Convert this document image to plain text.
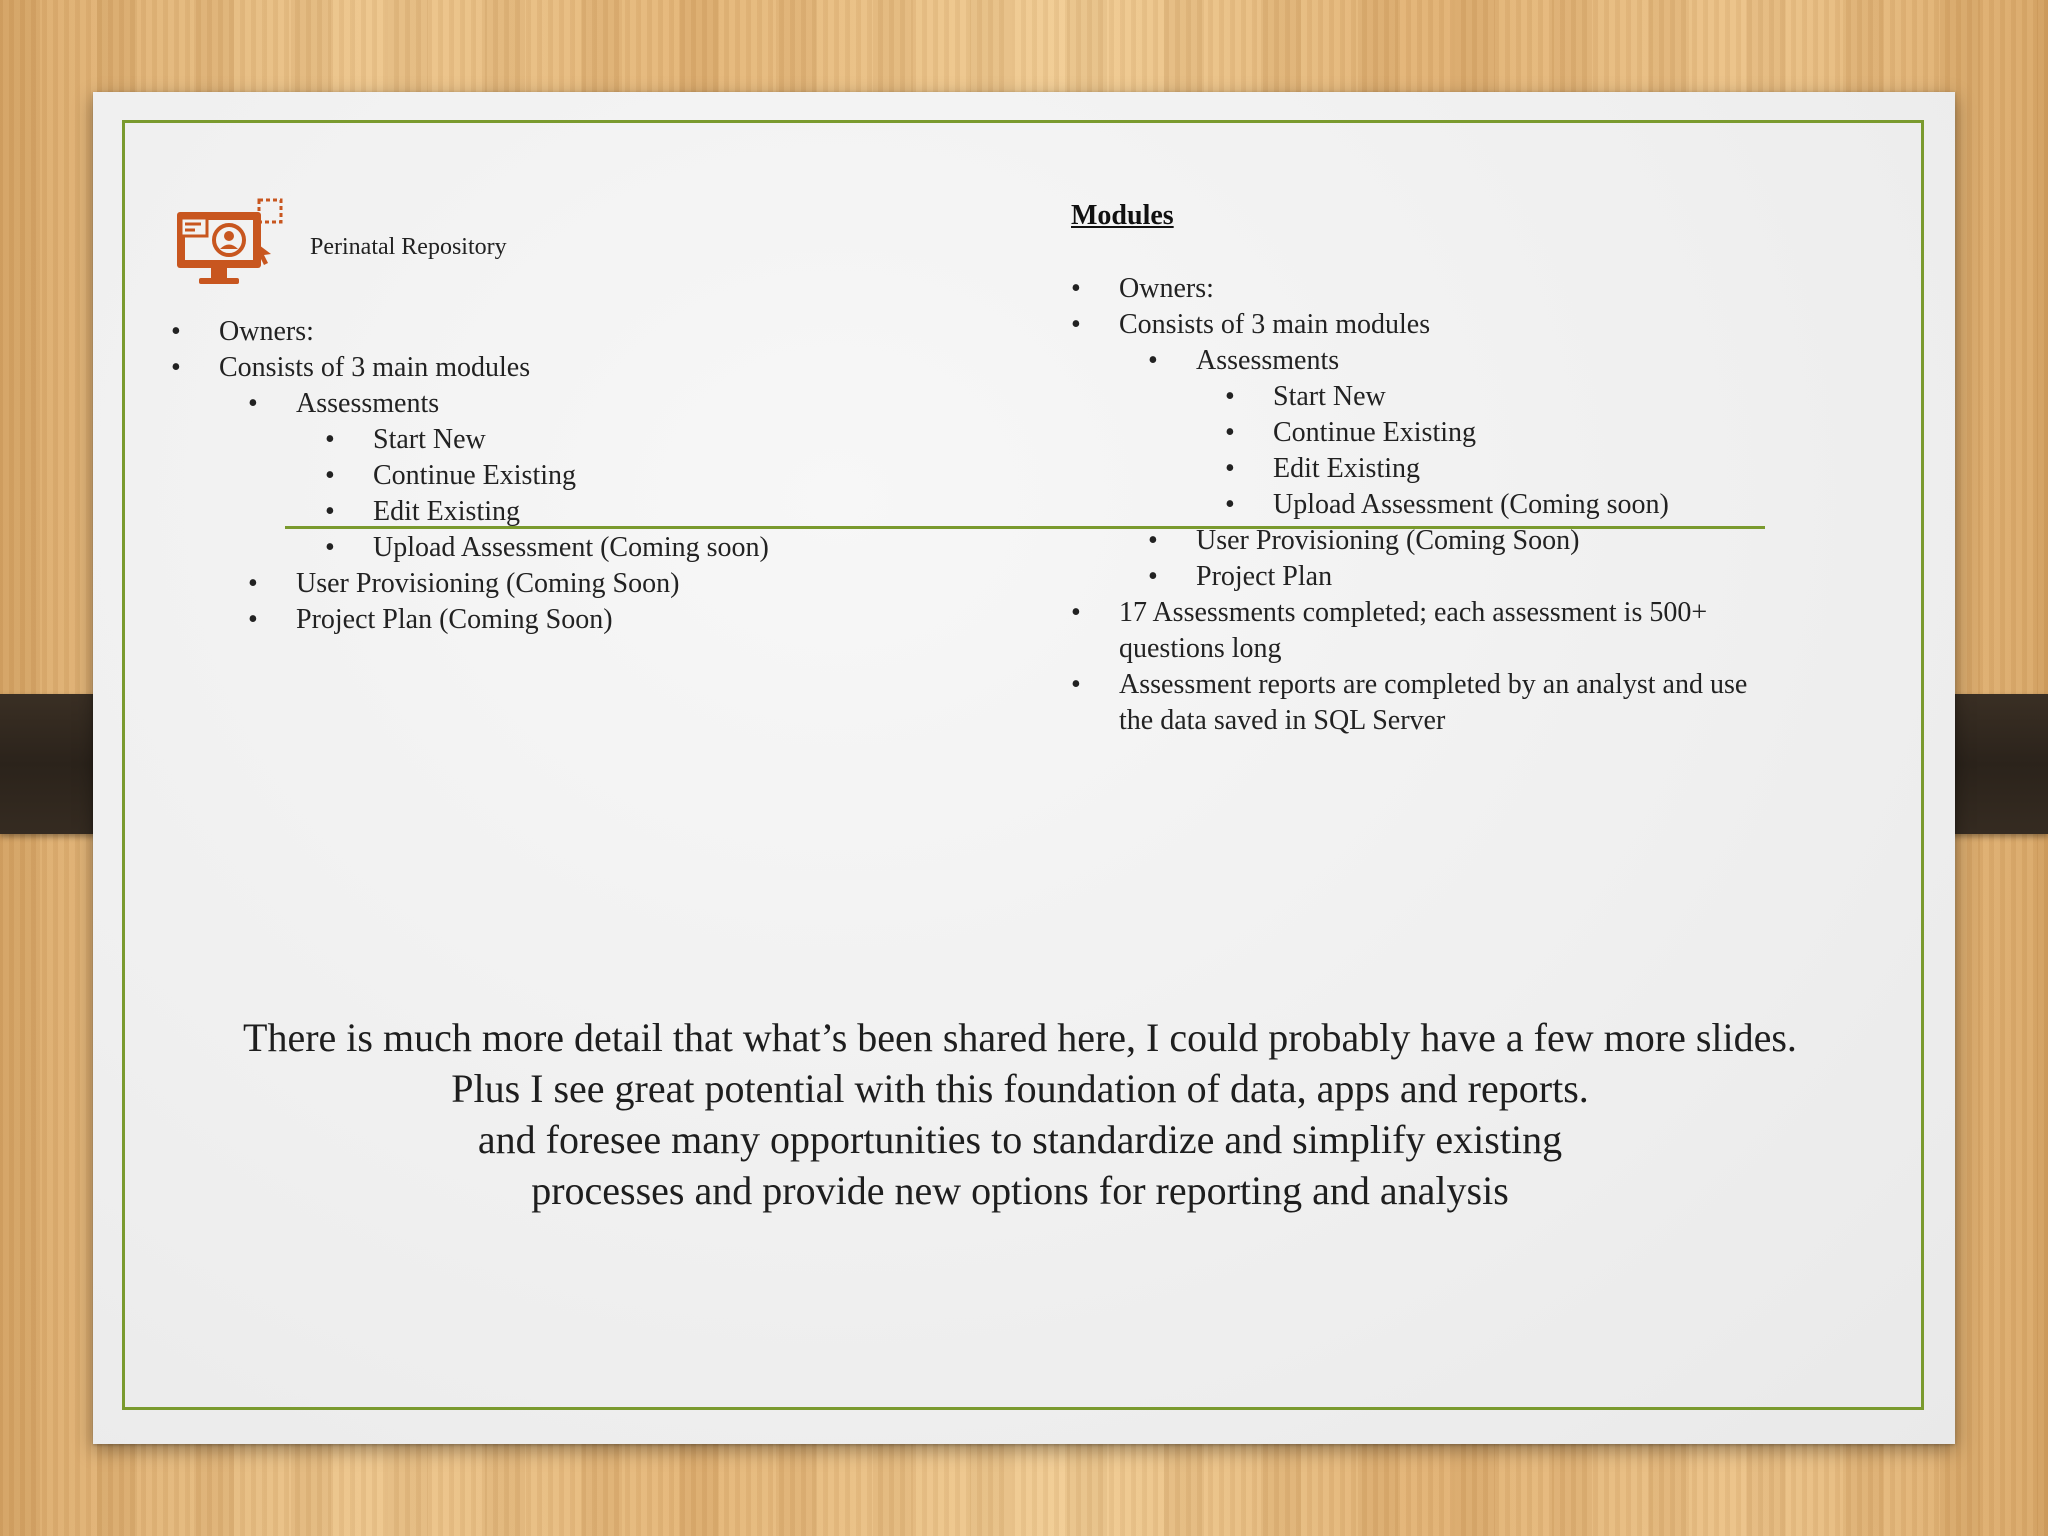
Perinatal Repository
• Owners:
• Consists of 3 main modules
• Assessments
• Start New
• Continue Existing
• Edit Existing
• Upload Assessment (Coming soon)
• User Provisioning (Coming Soon)
• Project Plan (Coming Soon)
Modules
• Owners:
• Consists of 3 main modules
• Assessments
• Start New
• Continue Existing
• Edit Existing
• Upload Assessment (Coming soon)
• User Provisioning (Coming Soon)
• Project Plan
• 17 Assessments completed; each assessment is 500+ questions long
• Assessment reports are completed by an analyst and use the data saved in SQL Server
There is much more detail that what’s been shared here, I could probably have a few more slides.
Plus I see great potential with this foundation of data, apps and reports.
and foresee many opportunities to standardize and simplify existing
processes and provide new options for reporting and analysis
